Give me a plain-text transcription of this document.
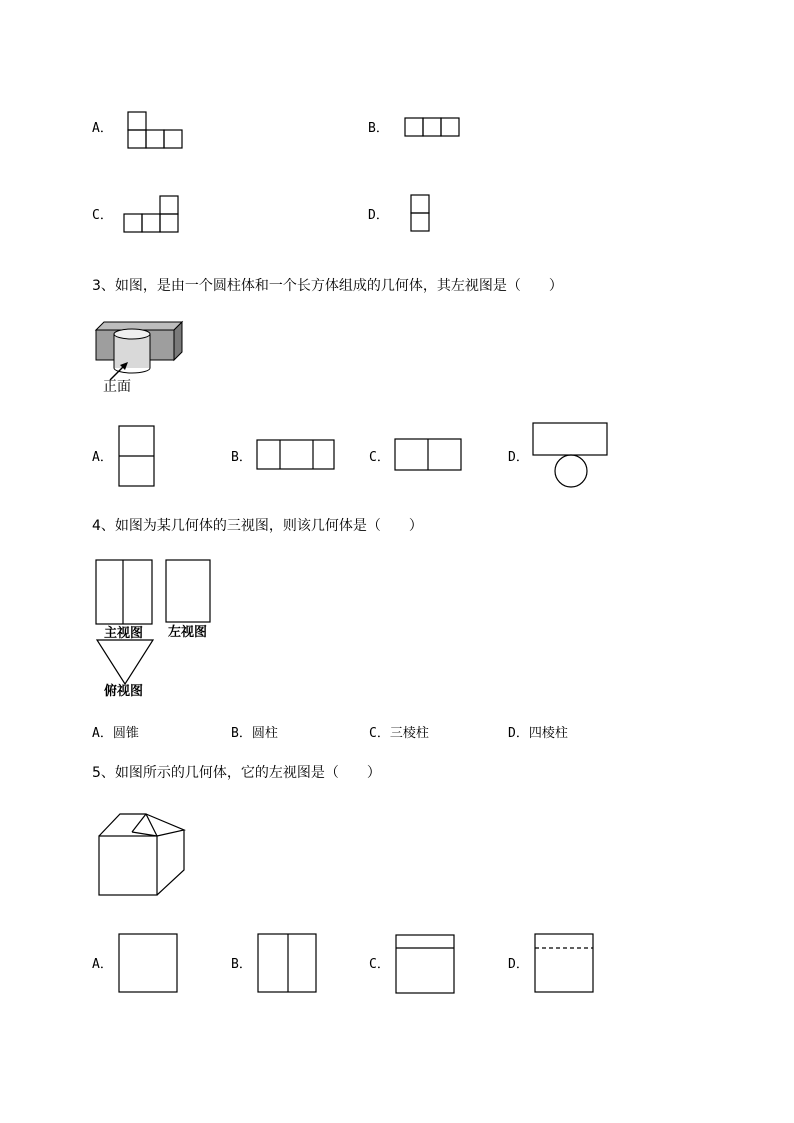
A．	B．
C．	D．
3、如图，是由一个圆柱体和一个长方体组成的几何体，其左视图是（　　）
正面
A．	B．	C．	D．
4、如图为某几何体的三视图，则该几何体是（　　）
主视图 左视图
俯视图
A．圆锥	B．圆柱	C．三棱柱	D．四棱柱
5、如图所示的几何体，它的左视图是（　　）
A．	B．	C．	D．
